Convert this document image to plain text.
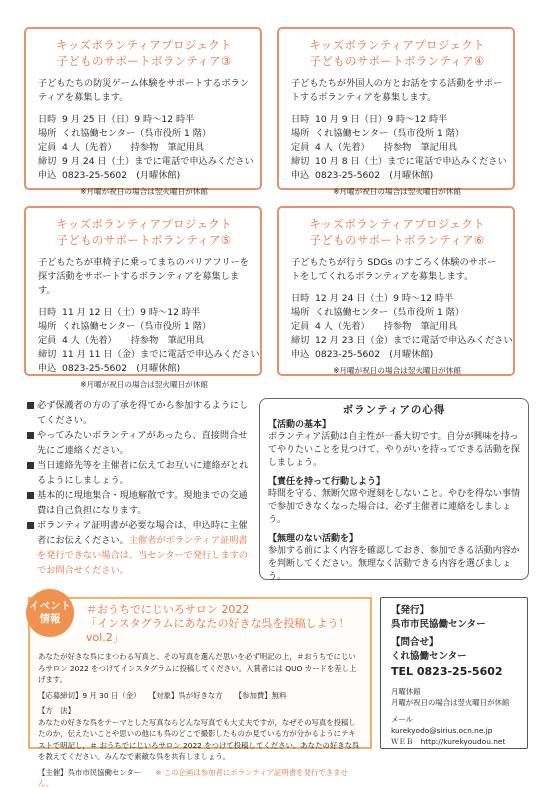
キッズボランティアプロジェクト
子どものサポートボランティア③
子どもたちの防災ゲーム体験をサポートするボランティアを募集します。
日時 9 月 25 日（日）9 時～12 時半
場所 くれ協働センター（呉市役所 1 階）
定員 4 人（先着） 持参物　筆記用具
締切 9 月 24 日（土）までに電話で申込みください
申込 0823-25-5602　(月曜休館)
※月曜が祝日の場合は翌火曜日が休館
キッズボランティアプロジェクト
子どものサポートボランティア④
子どもたちが外国人の方とお話をする活動をサポートするボランティアを募集します。
日時 10 月 9 日（日）9 時～12 時半
場所 くれ協働センター（呉市役所 1 階）
定員 4 人（先着） 持参物　筆記用具
締切 10 月 8 日（土）までに電話で申込みください
申込 0823-25-5602　(月曜休館)
※月曜が祝日の場合は翌火曜日が休館
キッズボランティアプロジェクト
子どものサポートボランティア⑤
子どもたちが車椅子に乗ってまちのバリアフリーを探す活動をサポートするボランティアを募集します。
日時 11 月 12 日（土）9 時～12 時半
場所 くれ協働センター（呉市役所 1 階）
定員 4 人（先着） 持参物　筆記用具
締切 11 月 11 日（金）までに電話で申込みください
申込 0823-25-5602　(月曜休館)
※月曜が祝日の場合は翌火曜日が休館
キッズボランティアプロジェクト
子どものサポートボランティア⑥
子どもたちが行う SDGs のすごろく体験のサポートをしてくれるボランティアを募集します。
日時 12 月 24 日（土）9 時～12 時半
場所 くれ協働センター（呉市役所 1 階）
定員 4 人（先着） 持参物　筆記用具
締切 12 月 23 日（金）までに電話で申込みください
申込 0823-25-5602　(月曜休館)
※月曜が祝日の場合は翌火曜日が休館
必ず保護者の方の了承を得てから参加するようにしてください。
やってみたいボランティアがあったら、直接問合せ先にご連絡ください。
当日連絡先等を主催者に伝えてお互いに連絡がとれるようにしましょう。
基本的に現地集合・現地解散です。現地までの交通費は自己負担になります。
ボランティア証明書が必要な場合は、申込時に主催者にお伝えください。主催者がボランティア証明書を発行できない場合は、当センターで発行しますのでお問合せください。
ボランティアの心得
【活動の基本】
ボランティア活動は自主性が一番大切です。自分が興味を持ってやりたいことを見つけて、やりがいを持ってできる活動を探しましょう。
【責任を持って行動しよう】
時間を守る、無断欠席や遅刻をしないこと。やむを得ない事情で参加できなくなった場合は、必ず主催者に連絡をしましょう。
【無理のない活動を】
参加する前によく内容を確認しておき、参加できる活動内容かを判断してください。無理なく活動できる内容を選びましょう。
イベント
情報
＃おうちでにじいろサロン 2022
「インスタグラムにあなたの好きな呉を投稿しよう！ vol.2」
あなたが好きな呉にまつわる写真と、その写真を選んだ思いを必ず明記の上，＃おうちでにじいろサロン 2022 をつけてインスタグラムに投稿してください。入賞者には QUO カードを差し上げます。
【応募締切】9 月 30 日（金） 【対象】呉が好きな方 【参加費】無料
【方　法】
あなたの好きな呉をテーマとした写真ならどんな写真でも大丈夫ですが，なぜその写真を投稿したのか，伝えたいことや思いの他にも呉のどこで撮影したものか見ている方が分かるようにテキストで明記し，＃ おうちでにじいろサロン 2022 をつけて投稿してください。あなたの好きな呉を教えてください。みんなで素敵な呉を共有しましょう。
【主催】呉市市民協働センター ※ この企画は参加者にボランティア証明書を発行できません。
【発行】
呉市市民協働センター
【問合せ】
くれ協働センター
TEL 0823-25-5602
月曜休館
月曜が祝日の場合は翌火曜日が休館
メール　kurekyodo@sirius.ocn.ne.jp
ＷＥＢ　 http://kurekyoudou.net
